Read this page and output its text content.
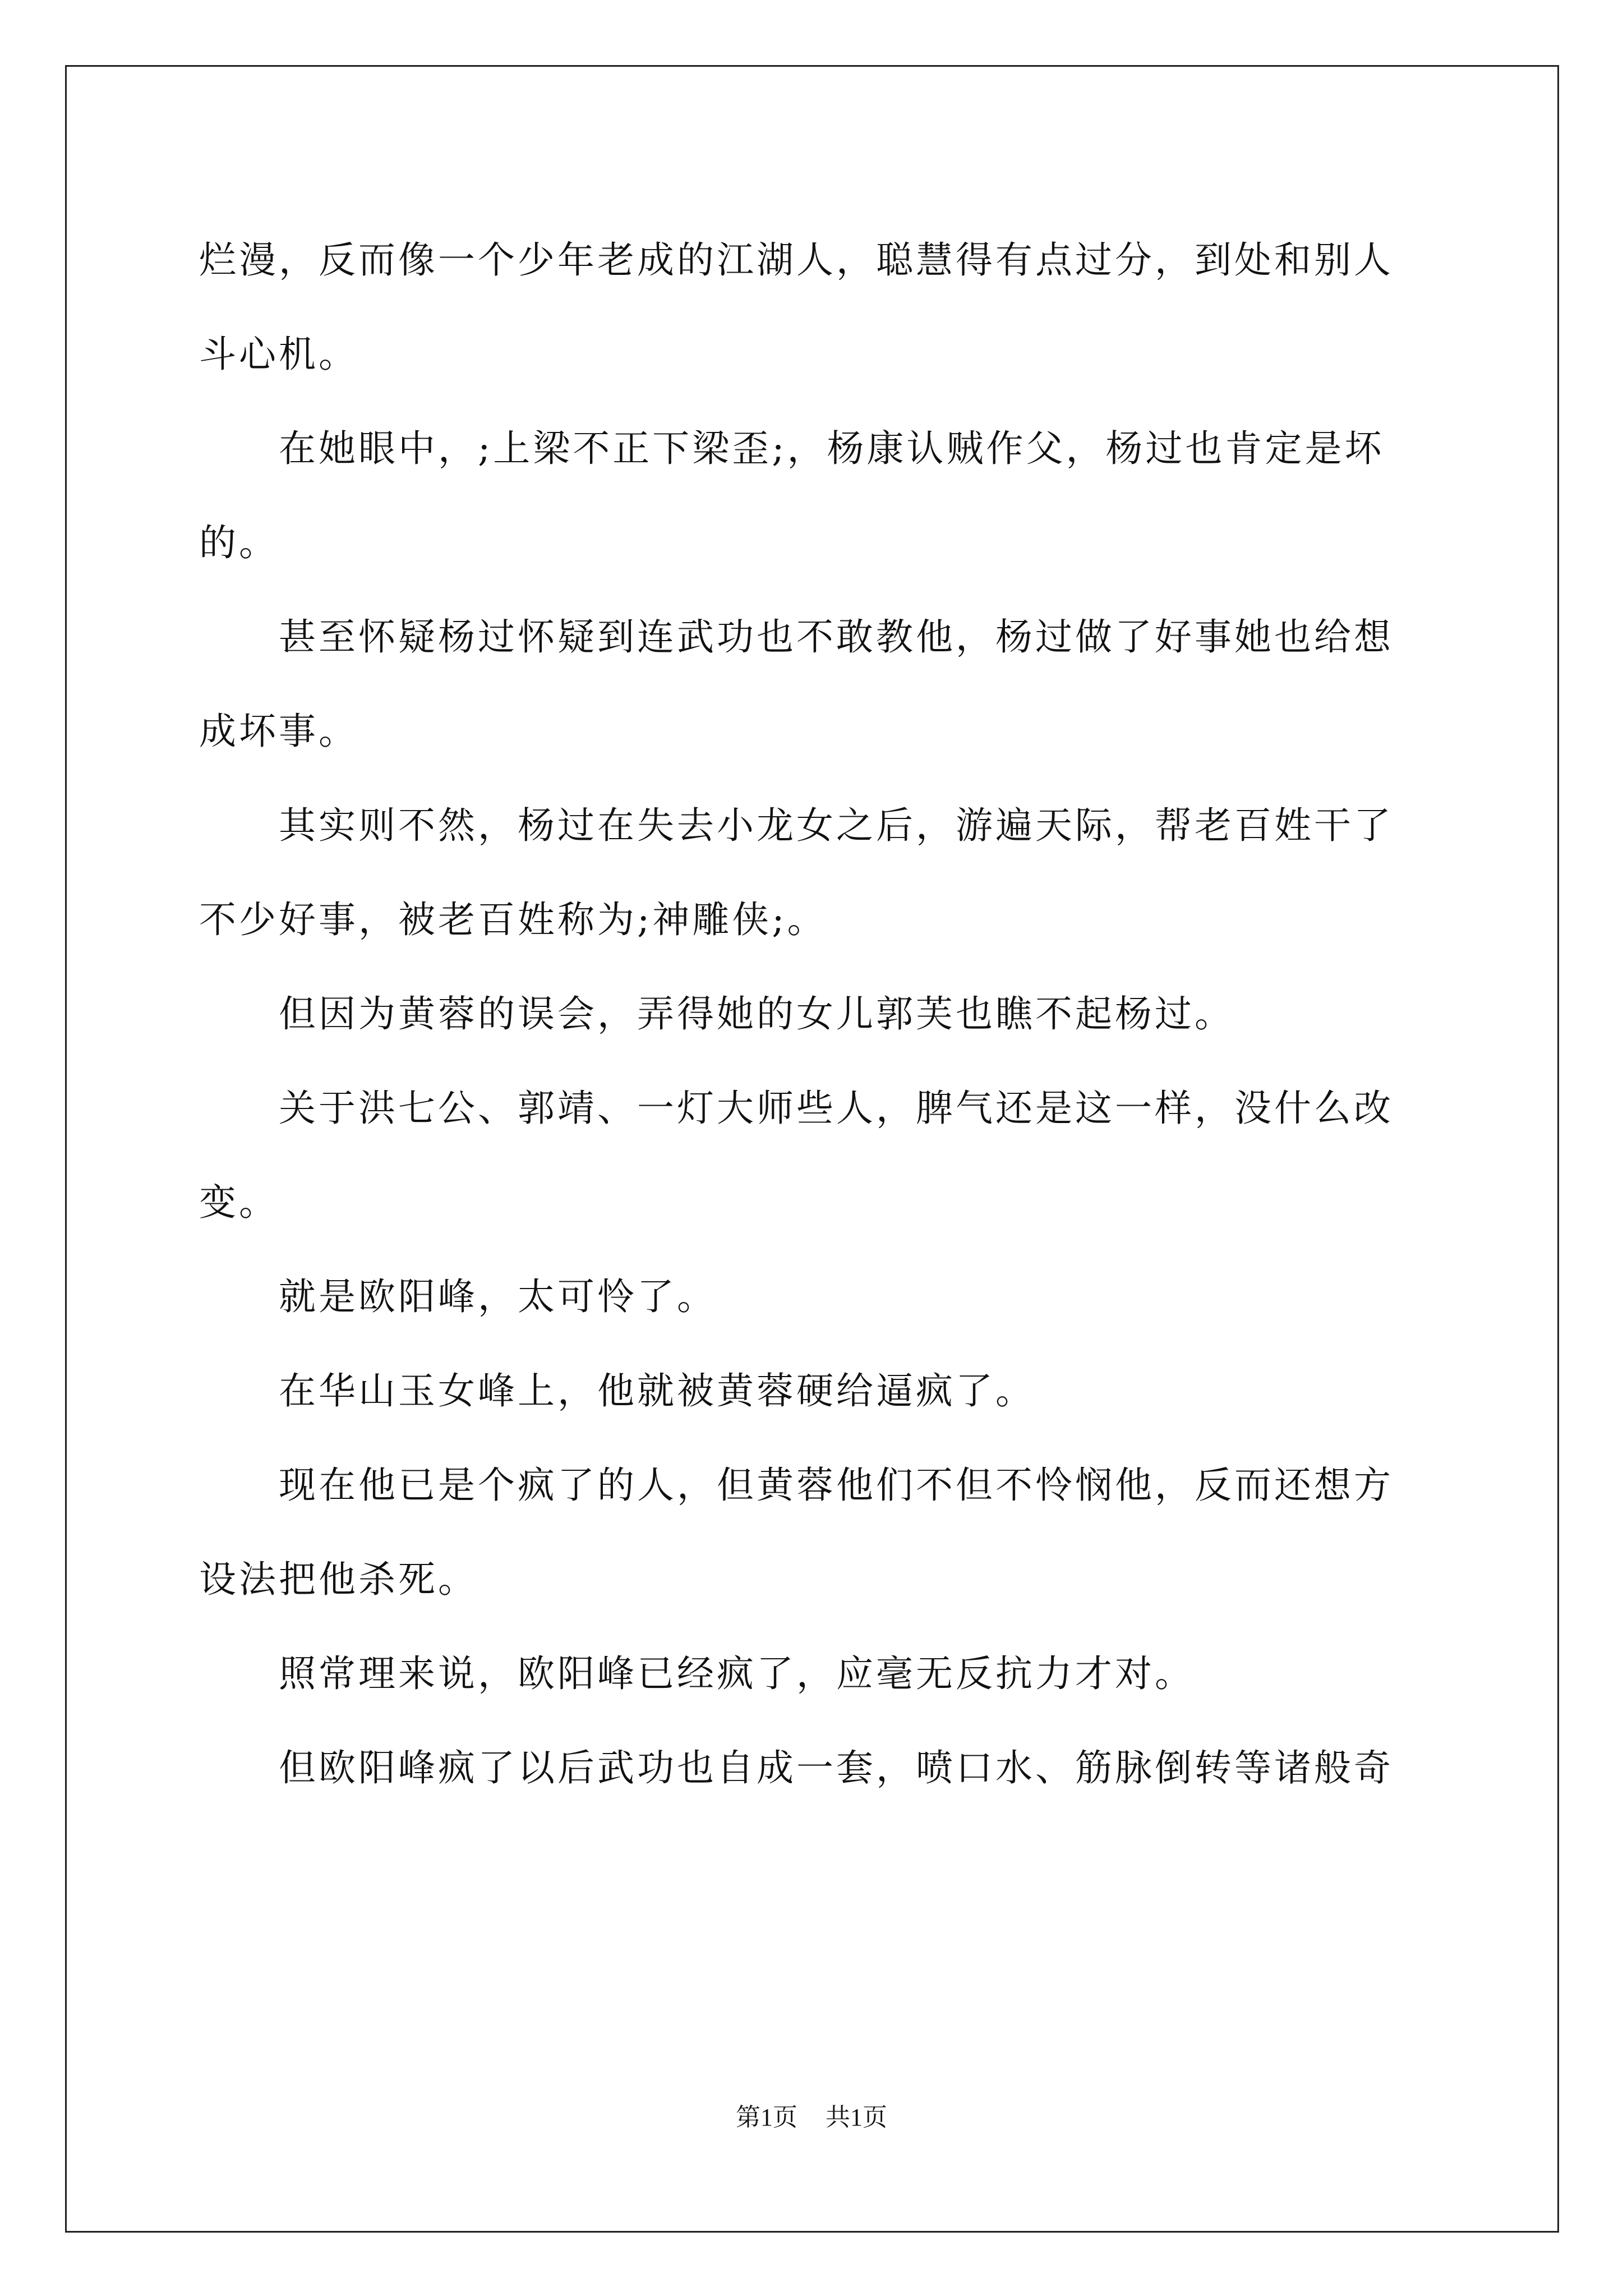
烂漫，反而像一个少年老成的江湖人，聪慧得有点过分，到处和别人
斗心机。

在她眼中，;上梁不正下梁歪;，杨康认贼作父，杨过也肯定是坏
的。

甚至怀疑杨过怀疑到连武功也不敢教他，杨过做了好事她也给想
成坏事。

其实则不然，杨过在失去小龙女之后，游遍天际，帮老百姓干了
不少好事，被老百姓称为;神雕侠;。

但因为黄蓉的误会，弄得她的女儿郭芙也瞧不起杨过。

关于洪七公、郭靖、一灯大师些人，脾气还是这一样，没什么改
变。

就是欧阳峰，太可怜了。

在华山玉女峰上，他就被黄蓉硬给逼疯了。

现在他已是个疯了的人，但黄蓉他们不但不怜悯他，反而还想方
设法把他杀死。

照常理来说，欧阳峰已经疯了，应毫无反抗力才对。

但欧阳峰疯了以后武功也自成一套，喷口水、筋脉倒转等诸般奇

第1页 共1页
